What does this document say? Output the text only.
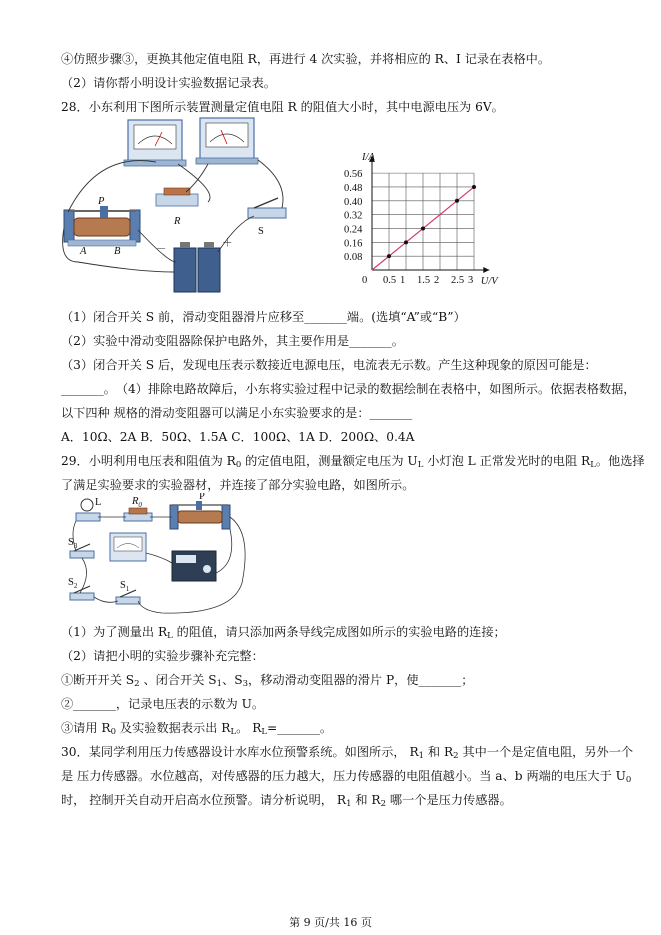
④仿照步骤③，更换其他定值电阻 R，再进行 4 次实验，并将相应的 R、I 记录在表格中。
（2）请你帮小明设计实验数据记录表。
28．小东利用下图所示装置测量定值电阻 R 的阻值大小时，其中电源电压为 6V。
P
A	B
R
S
－
＋
0 0.5 1 1.5 2 2.5 3
0.08
0.16
0.24
0.32
0.40
0.48
0.56
I/A
U/V
（1）闭合开关 S 前，滑动变阻器滑片应移至_______端。(选填“A”或“B”）
（2）实验中滑动变阻器除保护电路外，其主要作用是_______。
（3）闭合开关 S 后，发现电压表示数接近电源电压，电流表无示数。产生这种现象的原因可能是：
_______。　（4）排除电路故障后，小东将实验过程中记录的数据绘制在表格中，如图所示。依据表格数据，
以下四种 规格的滑动变阻器可以满足小东实验要求的是：_______
A．10Ω、2A B．50Ω、1.5A C．100Ω、1A D．200Ω、0.4A
29．小明利用电压表和阻值为 $R_0$ 的定值电阻，测量额定电压为 $U_L$ 小灯泡 L 正常发光时的电阻 $R_L$。他选择
了满足实验要求的实验器材，并连接了部分实验电路，如图所示。
L	$R_0$
P
$S_3$
$S_2$	$S_1$
（1）为了测量出 $R_L$ 的阻值，请只添加两条导线完成图如所示的实验电路的连接；
（2）请把小明的实验步骤补充完整：
①断开开关 $S_2$ 、闭合开关 $S_1$、$S_3$，移动滑动变阻器的滑片 P，使_______；
②_______，记录电压表的示数为 U。
③请用 $R_0$ 及实验数据表示出 $R_L$。 $R_L=\_\_\_\_\_\_\_$。
30．某同学利用压力传感器设计水库水位预警系统。如图所示， $R_1$ 和 $R_2$ 其中一个是定值电阻，另外一个
是 压力传感器。水位越高，对传感器的压力越大，压力传感器的电阻值越小。当 a、b 两端的电压大于 $U_0$
时， 控制开关自动开启高水位预警。请分析说明， $R_1$ 和 $R_2$ 哪一个是压力传感器。
第 9 页/共 16 页
